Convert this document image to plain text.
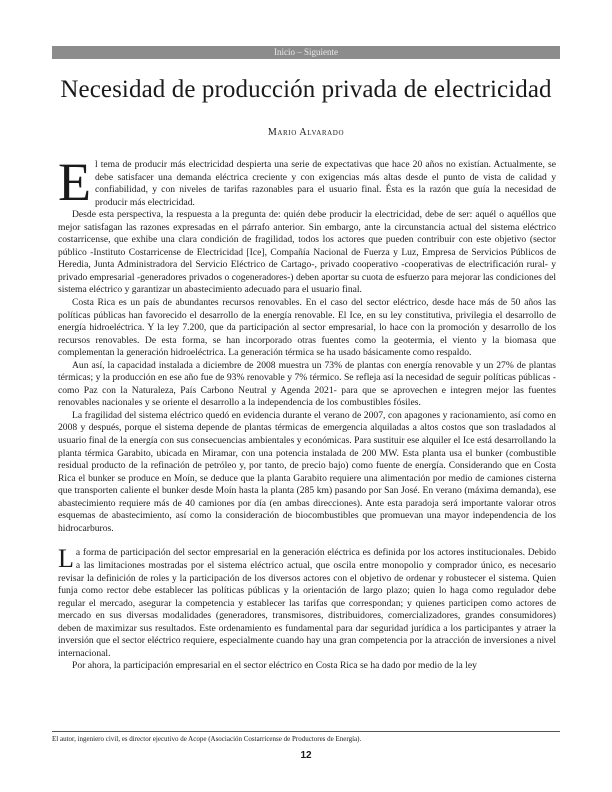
Inicio – Siguiente
Necesidad de producción privada de electricidad
Mario Alvarado

El tema de producir más electricidad despierta una serie de expectativas que hace 20 años no existían. Actualmente, se debe satisfacer una demanda eléctrica creciente y con exigencias más altas desde el punto de vista de calidad y confiabilidad, y con niveles de tarifas razonables para el usuario final. Ésta es la razón que guía la necesidad de producir más electricidad.

Desde esta perspectiva, la respuesta a la pregunta de: quién debe producir la electricidad, debe de ser: aquél o aquéllos que mejor satisfagan las razones expresadas en el párrafo anterior. Sin embargo, ante la circunstancia actual del sistema eléctrico costarricense, que exhibe una clara condición de fragilidad, todos los actores que pueden contribuir con este objetivo (sector público -Instituto Costarricense de Electricidad [Ice], Compañía Nacional de Fuerza y Luz, Empresa de Servicios Públicos de Heredia, Junta Administradora del Servicio Eléctrico de Cartago-, privado cooperativo -cooperativas de electrificación rural- y privado empresarial -generadores privados o cogeneradores-) deben aportar su cuota de esfuerzo para mejorar las condiciones del sistema eléctrico y garantizar un abastecimiento adecuado para el usuario final.

Costa Rica es un país de abundantes recursos renovables. En el caso del sector eléctrico, desde hace más de 50 años las políticas públicas han favorecido el desarrollo de la energía renovable. El Ice, en su ley constitutiva, privilegia el desarrollo de energía hidroeléctrica. Y la ley 7.200, que da participación al sector empresarial, lo hace con la promoción y desarrollo de los recursos renovables. De esta forma, se han incorporado otras fuentes como la geotermia, el viento y la biomasa que complementan la generación hidroeléctrica. La generación térmica se ha usado básicamente como respaldo.

Aun así, la capacidad instalada a diciembre de 2008 muestra un 73% de plantas con energía renovable y un 27% de plantas térmicas; y la producción en ese año fue de 93% renovable y 7% térmico. Se refleja así la necesidad de seguir políticas públicas -como Paz con la Naturaleza, País Carbono Neutral y Agenda 2021- para que se aprovechen e integren mejor las fuentes renovables nacionales y se oriente el desarrollo a la independencia de los combustibles fósiles.

La fragilidad del sistema eléctrico quedó en evidencia durante el verano de 2007, con apagones y racionamiento, así como en 2008 y después, porque el sistema depende de plantas térmicas de emergencia alquiladas a altos costos que son trasladados al usuario final de la energía con sus consecuencias ambientales y económicas. Para sustituir ese alquiler el Ice está desarrollando la planta térmica Garabito, ubicada en Miramar, con una potencia instalada de 200 MW. Esta planta usa el bunker (combustible residual producto de la refinación de petróleo y, por tanto, de precio bajo) como fuente de energía. Considerando que en Costa Rica el bunker se produce en Moín, se deduce que la planta Garabito requiere una alimentación por medio de camiones cisterna que transporten caliente el bunker desde Moín hasta la planta (285 km) pasando por San José. En verano (máxima demanda), ese abastecimiento requiere más de 40 camiones por día (en ambas direcciones). Ante esta paradoja será importante valorar otros esquemas de abastecimiento, así como la consideración de biocombustibles que promuevan una mayor independencia de los hidrocarburos.

La forma de participación del sector empresarial en la generación eléctrica es definida por los actores institucionales. Debido a las limitaciones mostradas por el sistema eléctrico actual, que oscila entre monopolio y comprador único, es necesario revisar la definición de roles y la participación de los diversos actores con el objetivo de ordenar y robustecer el sistema. Quien funja como rector debe establecer las políticas públicas y la orientación de largo plazo; quien lo haga como regulador debe regular el mercado, asegurar la competencia y establecer las tarifas que correspondan; y quienes participen como actores de mercado en sus diversas modalidades (generadores, transmisores, distribuidores, comercializadores, grandes consumidores) deben de maximizar sus resultados. Este ordenamiento es fundamental para dar seguridad jurídica a los participantes y atraer la inversión que el sector eléctrico requiere, especialmente cuando hay una gran competencia por la atracción de inversiones a nivel internacional.

Por ahora, la participación empresarial en el sector eléctrico en Costa Rica se ha dado por medio de la ley

El autor, ingeniero civil, es director ejecutivo de Acope (Asociación Costarricense de Productores de Energía).
12
